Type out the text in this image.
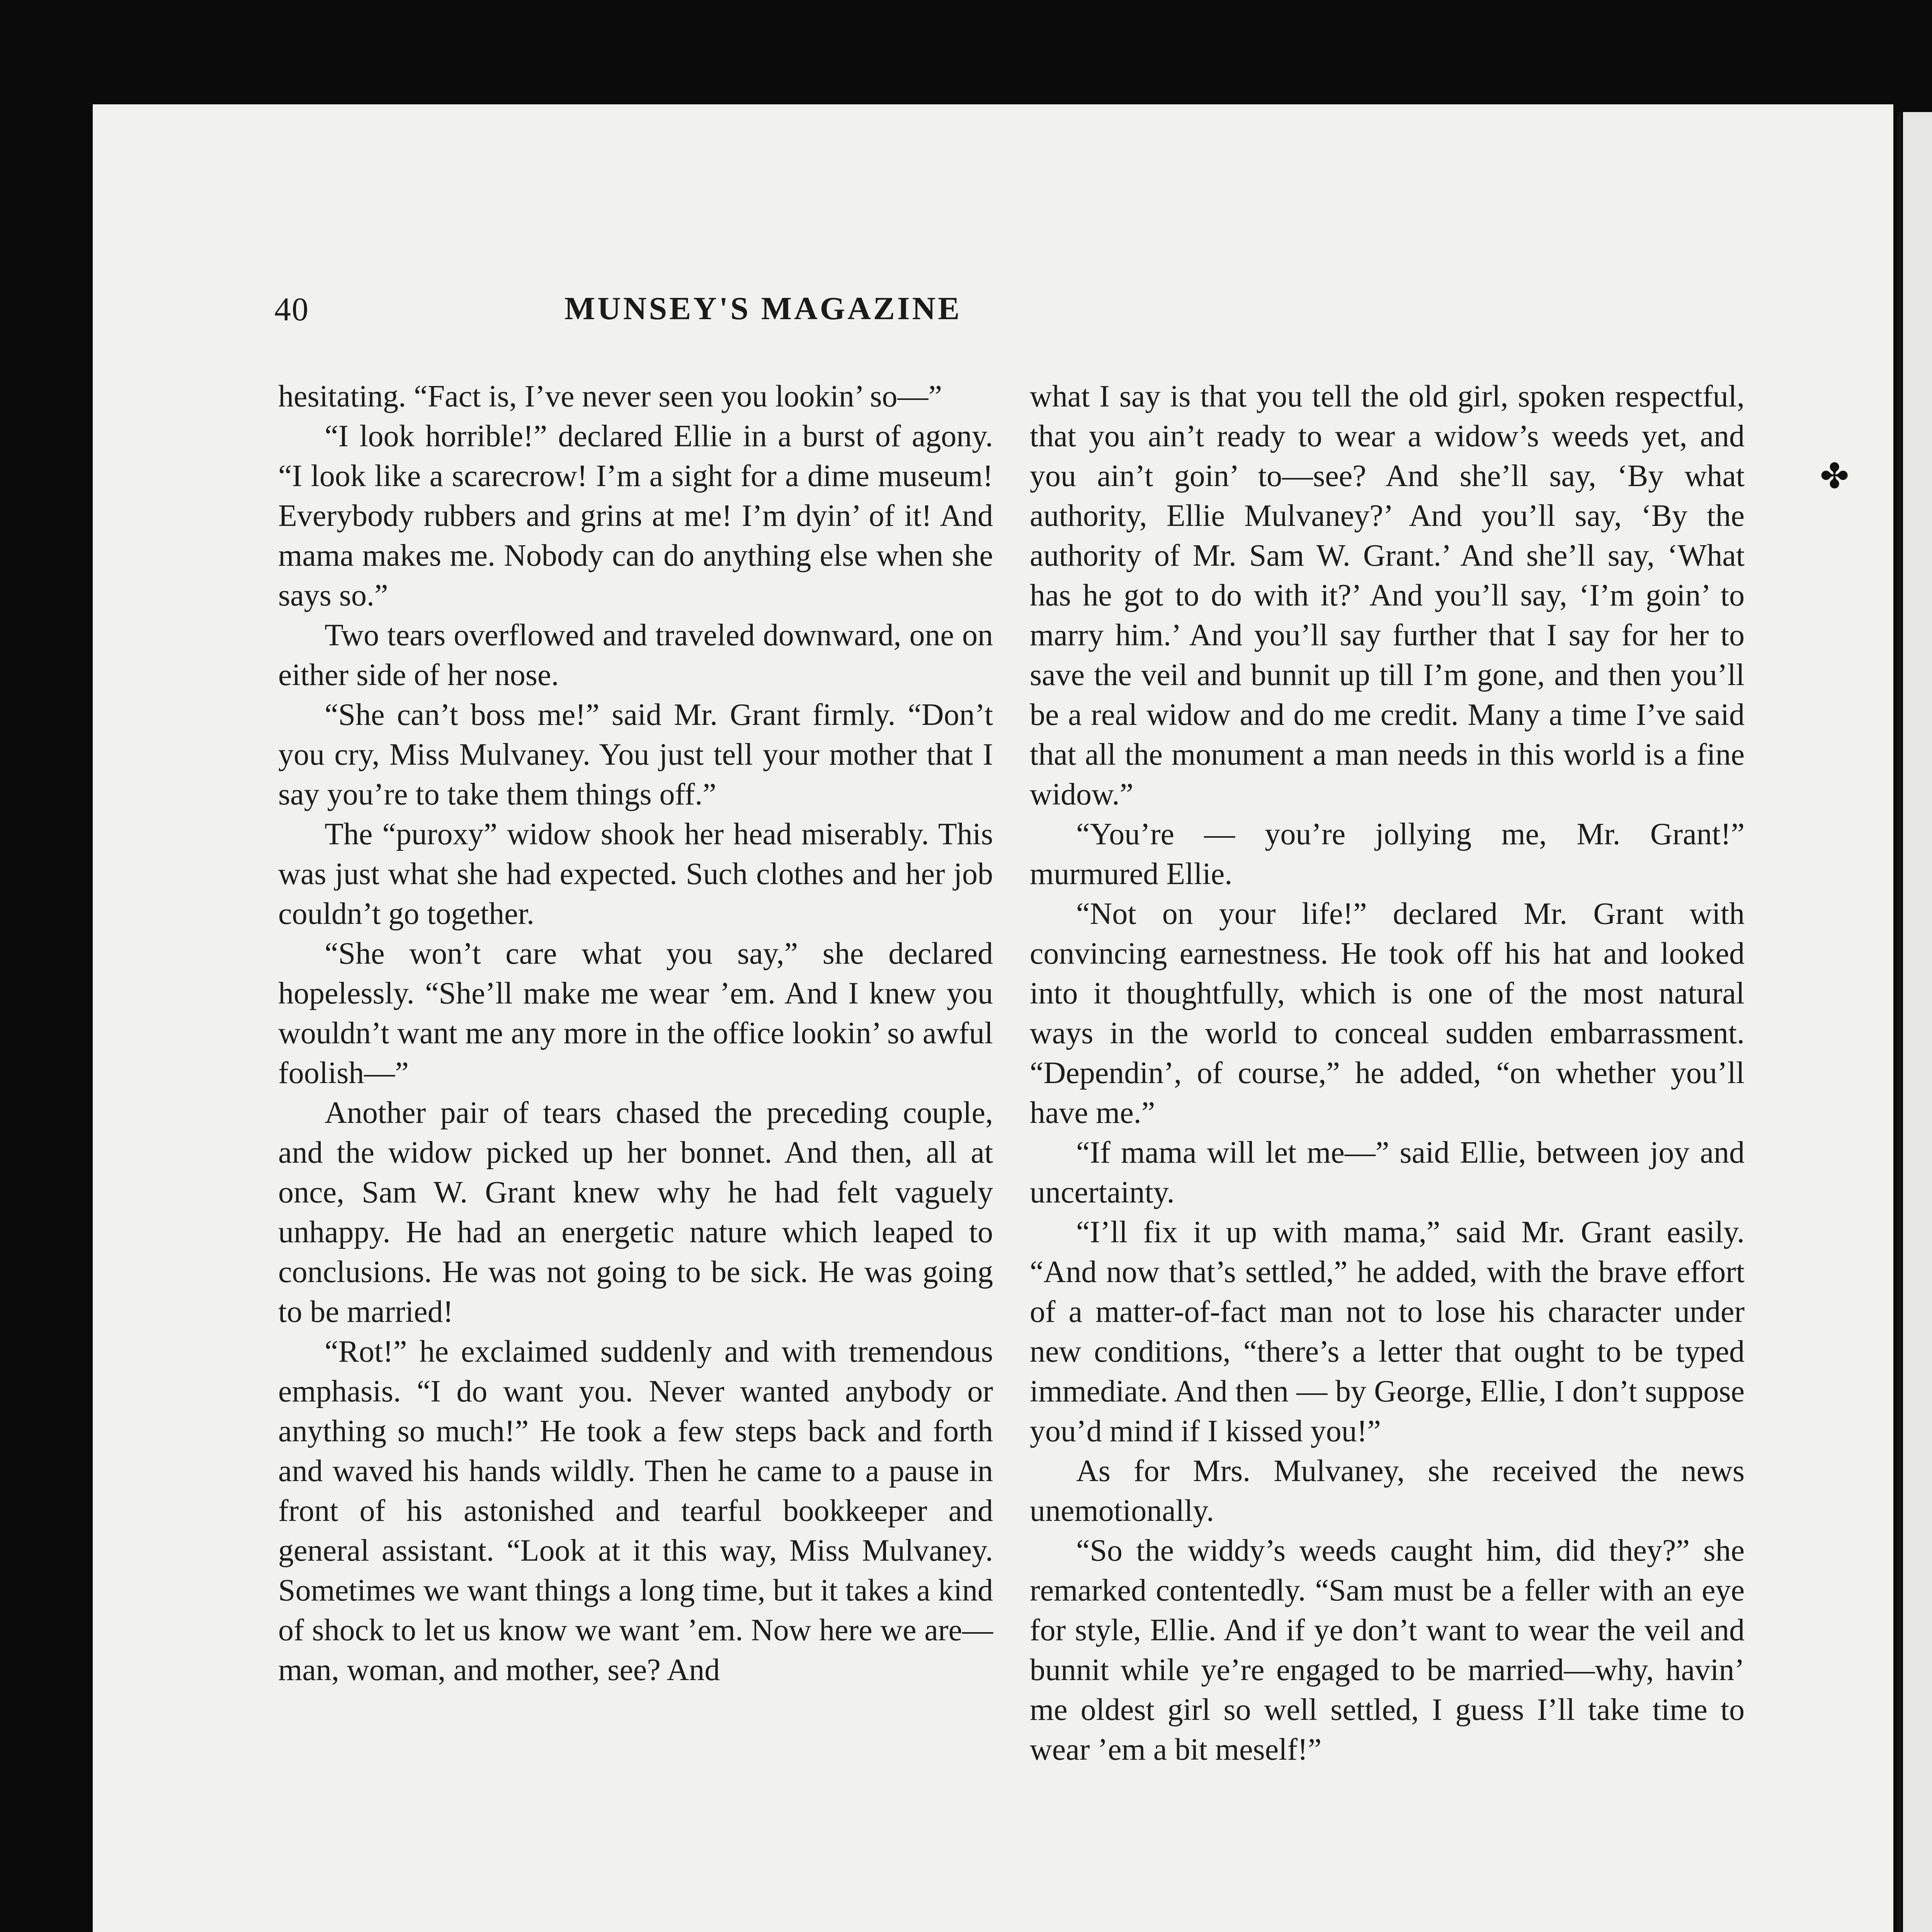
✤
40	MUNSEY'S MAGAZINE

hesitating. “Fact is, I’ve never seen you lookin’ so—”

“I look horrible!” declared Ellie in a burst of agony. “I look like a scarecrow! I’m a sight for a dime museum! Everybody rubbers and grins at me! I’m dyin’ of it! And mama makes me. Nobody can do anything else when she says so.”

Two tears overflowed and traveled downward, one on either side of her nose.

“She can’t boss me!” said Mr. Grant firmly. “Don’t you cry, Miss Mulvaney. You just tell your mother that I say you’re to take them things off.”

The “puroxy” widow shook her head miserably. This was just what she had expected. Such clothes and her job couldn’t go together.

“She won’t care what you say,” she declared hopelessly. “She’ll make me wear ’em. And I knew you wouldn’t want me any more in the office lookin’ so awful foolish—”

Another pair of tears chased the preceding couple, and the widow picked up her bonnet. And then, all at once, Sam W. Grant knew why he had felt vaguely unhappy. He had an energetic nature which leaped to conclusions. He was not going to be sick. He was going to be married!

“Rot!” he exclaimed suddenly and with tremendous emphasis. “I do want you. Never wanted anybody or anything so much!” He took a few steps back and forth and waved his hands wildly. Then he came to a pause in front of his astonished and tearful bookkeeper and general assistant. “Look at it this way, Miss Mulvaney. Sometimes we want things a long time, but it takes a kind of shock to let us know we want ’em. Now here we are—man, woman, and mother, see? And

what I say is that you tell the old girl, spoken respectful, that you ain’t ready to wear a widow’s weeds yet, and you ain’t goin’ to—see? And she’ll say, ‘By what authority, Ellie Mulvaney?’ And you’ll say, ‘By the authority of Mr. Sam W. Grant.’ And she’ll say, ‘What has he got to do with it?’ And you’ll say, ‘I’m goin’ to marry him.’ And you’ll say further that I say for her to save the veil and bunnit up till I’m gone, and then you’ll be a real widow and do me credit. Many a time I’ve said that all the monument a man needs in this world is a fine widow.”

“You’re — you’re jollying me, Mr. Grant!” murmured Ellie.

“Not on your life!” declared Mr. Grant with convincing earnestness. He took off his hat and looked into it thoughtfully, which is one of the most natural ways in the world to conceal sudden embarrassment. “Dependin’, of course,” he added, “on whether you’ll have me.”

“If mama will let me—” said Ellie, between joy and uncertainty.

“I’ll fix it up with mama,” said Mr. Grant easily. “And now that’s settled,” he added, with the brave effort of a matter-of-fact man not to lose his character under new conditions, “there’s a letter that ought to be typed immediate. And then — by George, Ellie, I don’t suppose you’d mind if I kissed you!”

As for Mrs. Mulvaney, she received the news unemotionally.

“So the widdy’s weeds caught him, did they?” she remarked contentedly. “Sam must be a feller with an eye for style, Ellie. And if ye don’t want to wear the veil and bunnit while ye’re engaged to be married—why, havin’ me oldest girl so well settled, I guess I’ll take time to wear ’em a bit meself!”
